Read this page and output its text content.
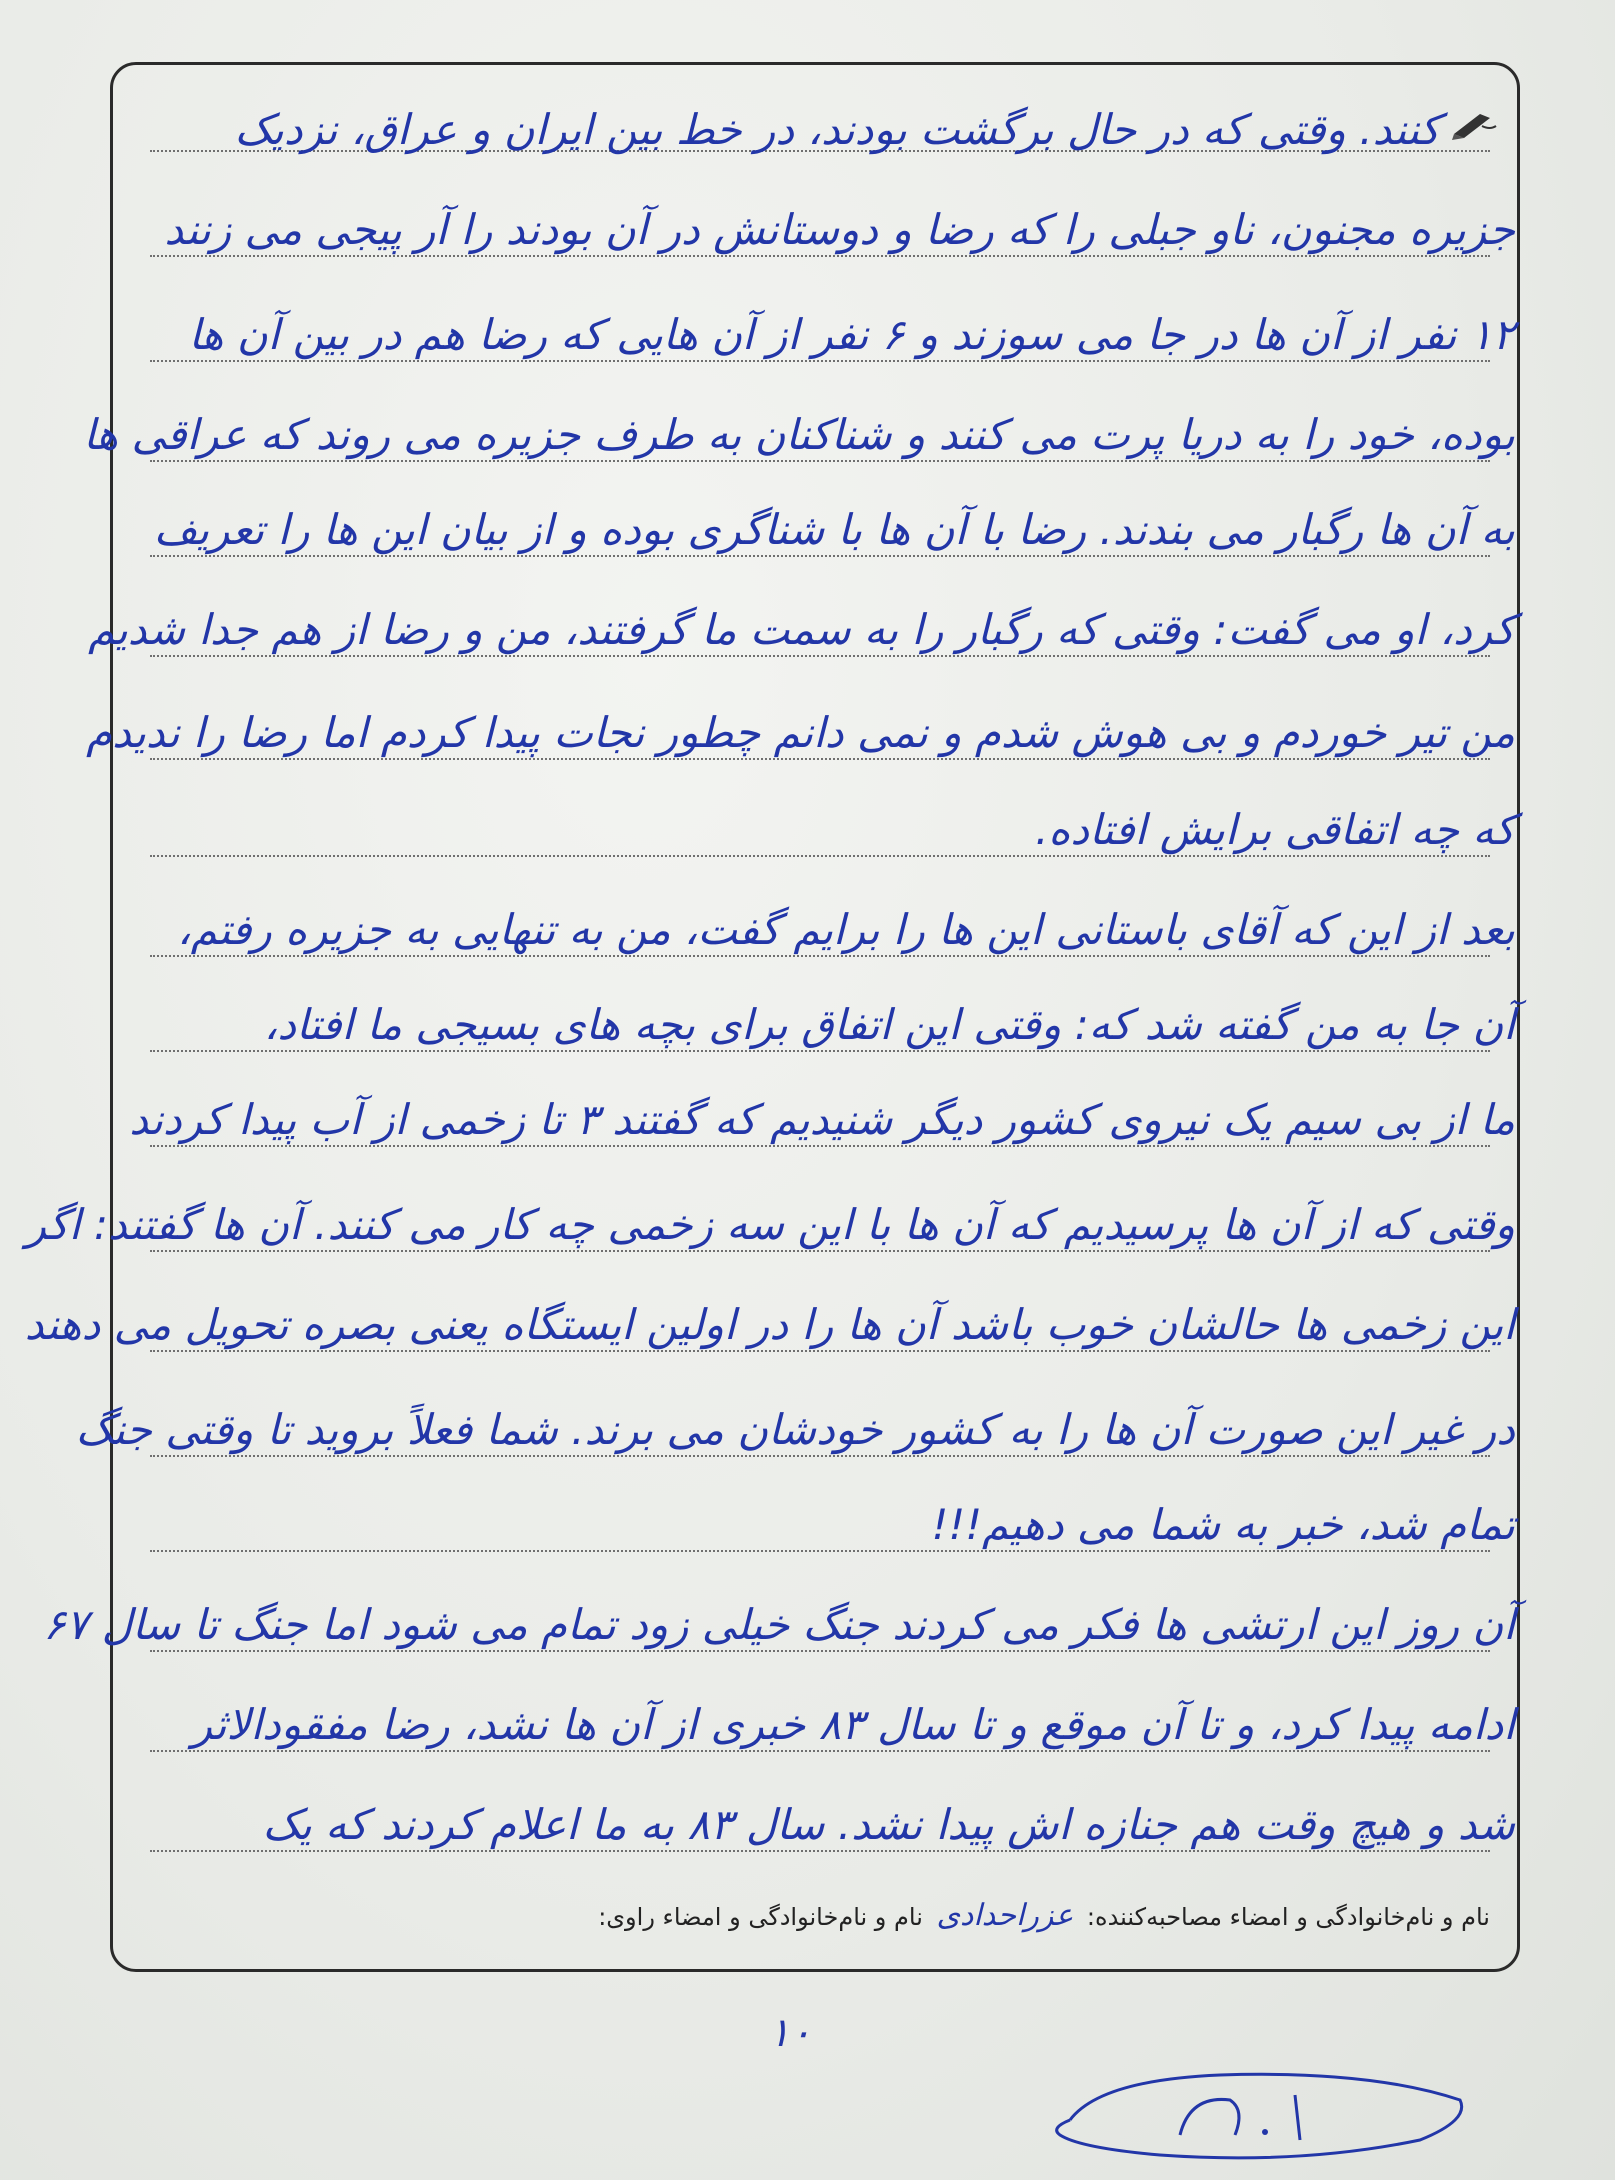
کنند. وقتی که در حال برگشت بودند، در خط بین ایران و عراق، نزدیک
جزیره مجنون، ناو جبلی را که رضا و دوستانش در آن بودند را آر پیجی می زنند
۱۲ نفر از آن ها در جا می سوزند و ۶ نفر از آن هایی که رضا هم در بین آن ها
بوده، خود را به دریا پرت می کنند و شناکنان به طرف جزیره می روند که عراقی ها
به آن ها رگبار می بندند. رضا با آن ها با شناگری بوده و از بیان این ها را تعریف
کرد، او می گفت: وقتی که رگبار را به سمت ما گرفتند، من و رضا از هم جدا شدیم
من تیر خوردم و بی هوش شدم و نمی دانم چطور نجات پیدا کردم اما رضا را ندیدم
که چه اتفاقی برایش افتاده.
بعد از این که آقای باستانی این ها را برایم گفت، من به تنهایی به جزیره رفتم،
آن جا به من گفته شد که: وقتی این اتفاق برای بچه های بسیجی ما افتاد،
ما از بی سیم یک نیروی کشور دیگر شنیدیم که گفتند ۳ تا زخمی از آب پیدا کردند
وقتی که از آن ها پرسیدیم که آن ها با این سه زخمی چه کار می کنند. آن ها گفتند: اگر
این زخمی ها حالشان خوب باشد آن ها را در اولین ایستگاه یعنی بصره تحویل می دهند
در غیر این صورت آن ها را به کشور خودشان می برند. شما فعلاً بروید تا وقتی جنگ
تمام شد، خبر به شما می دهیم!!!
آن روز این ارتشی ها فکر می کردند جنگ خیلی زود تمام می شود اما جنگ تا سال ۶۷
ادامه پیدا کرد، و تا آن موقع و تا سال ۸۳ خبری از آن ها نشد، رضا مفقودالاثر
شد و هیچ وقت هم جنازه اش پیدا نشد. سال ۸۳ به ما اعلام کردند که یک
نام و نام‌خانوادگی و امضاء مصاحبه‌کننده: عزراحدادی نام و نام‌خانوادگی و امضاء راوی:
۱۰
